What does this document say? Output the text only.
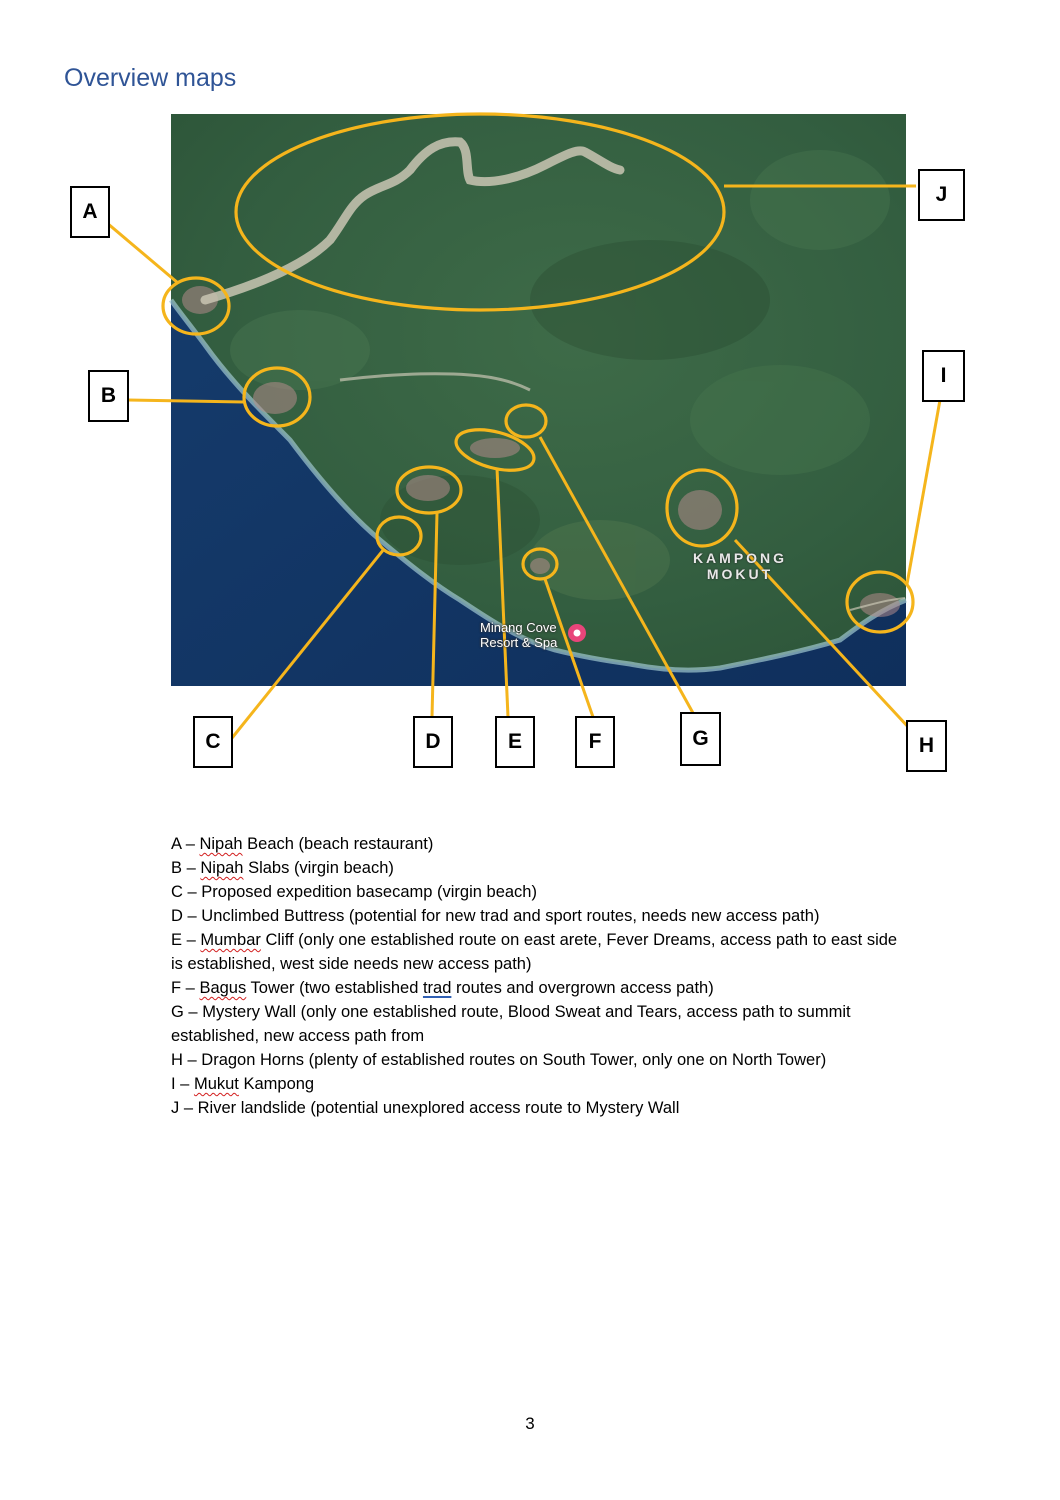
Overview maps
Minang Cove
Resort & Spa
KAMPONG
MOKUT
A
B
C	D	E	F	G	H
I
J
A – Nipah Beach (beach restaurant)
B – Nipah Slabs (virgin beach)
C – Proposed expedition basecamp (virgin beach)
D – Unclimbed Buttress (potential for new trad and sport routes, needs new access path)
E – Mumbar Cliff (only one established route on east arete, Fever Dreams, access path to east side is established, west side needs new access path)
F – Bagus Tower (two established trad routes and overgrown access path)
G – Mystery Wall (only one established route, Blood Sweat and Tears, access path to summit established, new access path from
H – Dragon Horns (plenty of established routes on South Tower, only one on North Tower)
I – Mukut Kampong
J – River landslide (potential unexplored access route to Mystery Wall
3
